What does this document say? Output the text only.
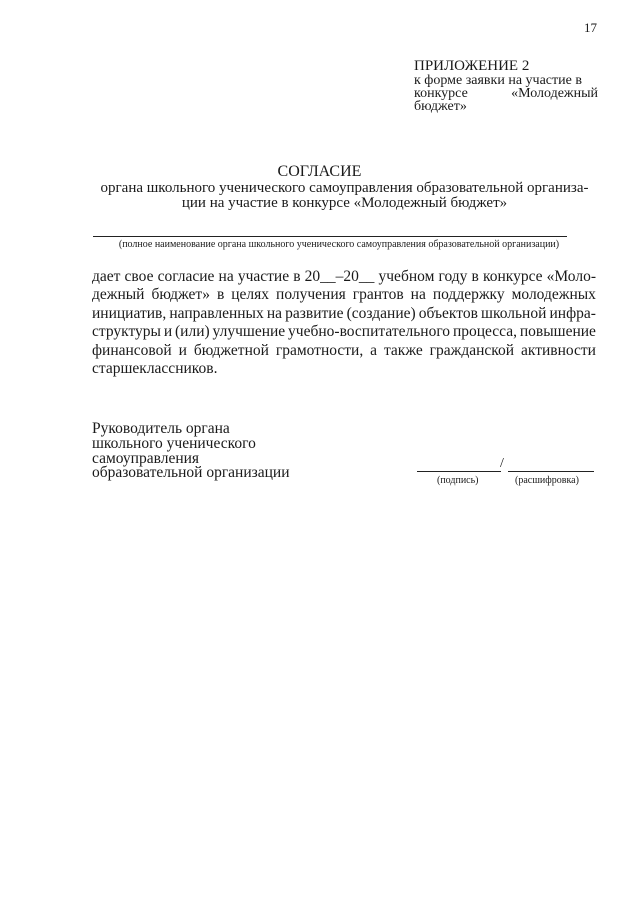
17
ПРИЛОЖЕНИЕ 2
к форме заявки на участие в
конкурсе	«Молодежный
бюджет»
СОГЛАСИЕ
органа школьного ученического самоуправления образовательной организа-
ции на участие в конкурсе «Молодежный бюджет»
(полное наименование органа школьного ученического самоуправления образовательной организации)
дает свое согласие на участие в 20__–20__ учебном году в конкурсе «Моло-
дежный бюджет» в целях получения грантов на поддержку молодежных
инициатив, направленных на развитие (создание) объектов школьной инфра-
структуры и (или) улучшение учебно-воспитательного процесса, повышение
финансовой и бюджетной грамотности, а также гражданской активности
старшеклассников.
Руководитель органа
школьного ученического
самоуправления
образовательной организации
/
(подпись)	(расшифровка)
